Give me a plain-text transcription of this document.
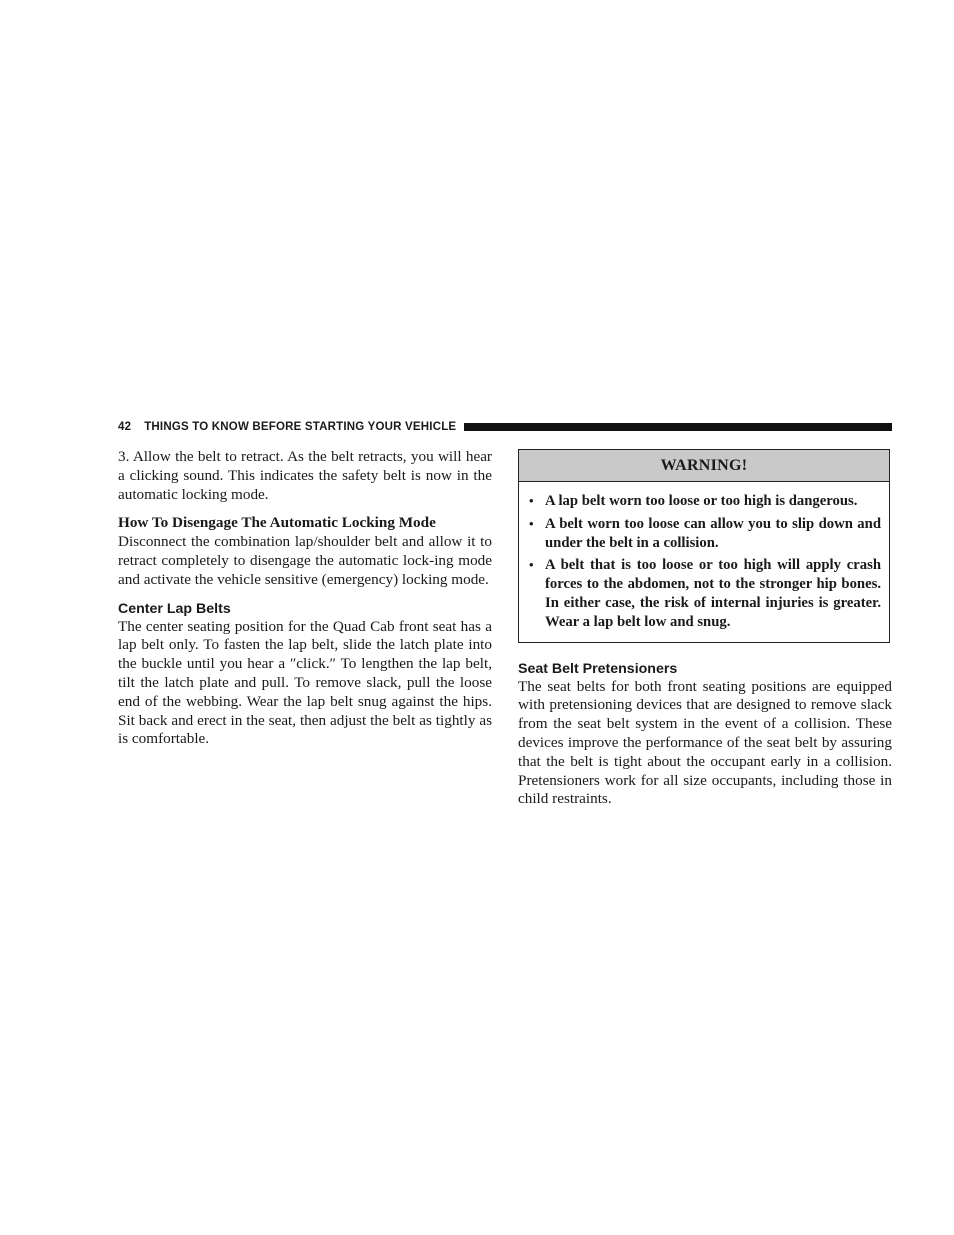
42 THINGS TO KNOW BEFORE STARTING YOUR VEHICLE

3. Allow the belt to retract. As the belt retracts, you will hear a clicking sound. This indicates the safety belt is now in the automatic locking mode.

How To Disengage The Automatic Locking Mode

Disconnect the combination lap/shoulder belt and allow it to retract completely to disengage the automatic lock-ing mode and activate the vehicle sensitive (emergency) locking mode.

Center Lap Belts

The center seating position for the Quad Cab front seat has a lap belt only. To fasten the lap belt, slide the latch plate into the buckle until you hear a ″click.″ To lengthen the lap belt, tilt the latch plate and pull. To remove slack, pull the loose end of the webbing. Wear the lap belt snug against the hips. Sit back and erect in the seat, then adjust the belt as tightly as is comfortable.

WARNING!
• A lap belt worn too loose or too high is dangerous.
• A belt worn too loose can allow you to slip down and under the belt in a collision.
• A belt that is too loose or too high will apply crash forces to the abdomen, not to the stronger hip bones. In either case, the risk of internal injuries is greater. Wear a lap belt low and snug.

Seat Belt Pretensioners

The seat belts for both front seating positions are equipped with pretensioning devices that are designed to remove slack from the seat belt system in the event of a collision. These devices improve the performance of the seat belt by assuring that the belt is tight about the occupant early in a collision. Pretensioners work for all size occupants, including those in child restraints.
